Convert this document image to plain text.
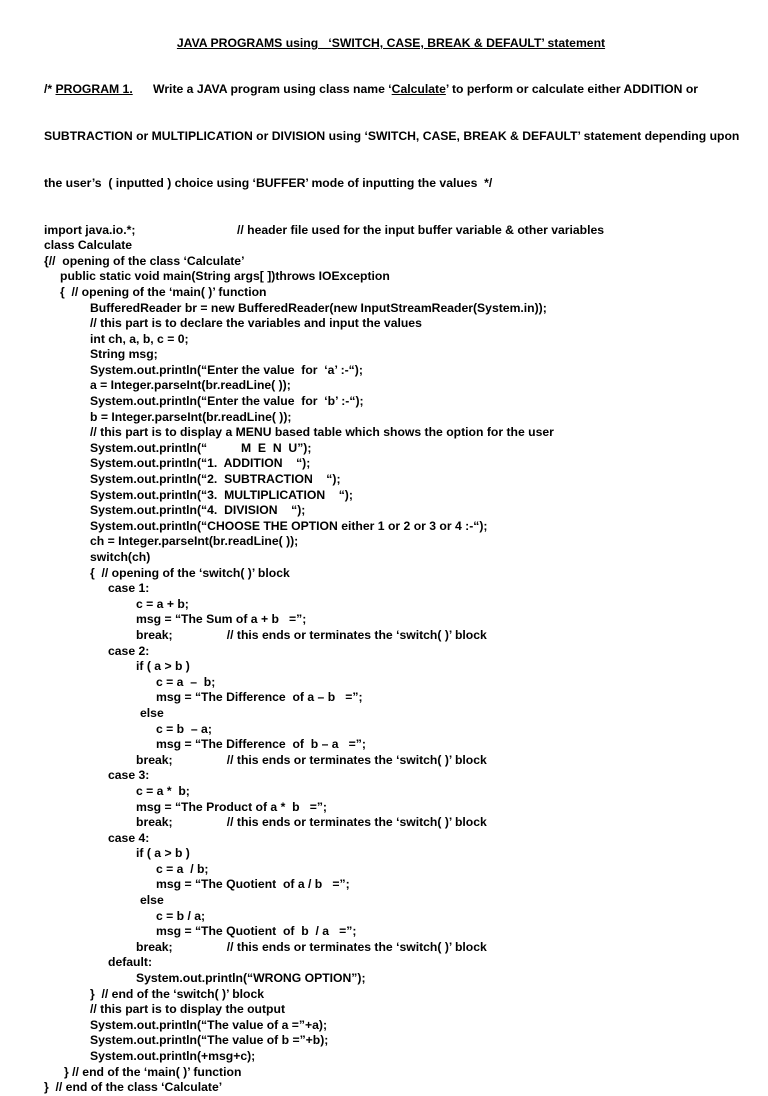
JAVA PROGRAMS using   ‘SWITCH, CASE, BREAK & DEFAULT’ statement

/* PROGRAM 1.      Write a JAVA program using class name ‘Calculate’ to perform or calculate either ADDITION or

SUBTRACTION or MULTIPLICATION or DIVISION using ‘SWITCH, CASE, BREAK & DEFAULT’ statement depending upon

the user’s  ( inputted ) choice using ‘BUFFER’ mode of inputting the values  */

import java.io.*;                              // header file used for the input buffer variable & other variables
class Calculate
{//  opening of the class ‘Calculate’
public static void main(String args[ ])throws IOException
{  // opening of the ‘main( )’ function
BufferedReader br = new BufferedReader(new InputStreamReader(System.in));
// this part is to declare the variables and input the values
int ch, a, b, c = 0;
String msg;
System.out.println(“Enter the value  for  ‘a’ :-“);
a = Integer.parseInt(br.readLine( ));
System.out.println(“Enter the value  for  ‘b’ :-“);
b = Integer.parseInt(br.readLine( ));
// this part is to display a MENU based table which shows the option for the user
System.out.println(“          M  E  N  U”);
System.out.println(“1.  ADDITION    “);
System.out.println(“2.  SUBTRACTION    “);
System.out.println(“3.  MULTIPLICATION    “);
System.out.println(“4.  DIVISION    “);
System.out.println(“CHOOSE THE OPTION either 1 or 2 or 3 or 4 :-“);
ch = Integer.parseInt(br.readLine( ));
switch(ch)
{  // opening of the ‘switch( )’ block
case 1:
c = a + b;
msg = “The Sum of a + b   =”;
break;                // this ends or terminates the ‘switch( )’ block
case 2:
if ( a > b )
c = a  –  b;
msg = “The Difference  of a – b   =”;
else
c = b  – a;
msg = “The Difference  of  b – a   =”;
break;                // this ends or terminates the ‘switch( )’ block
case 3:
c = a *  b;
msg = “The Product of a *  b   =”;
break;                // this ends or terminates the ‘switch( )’ block
case 4:
if ( a > b )
c = a  / b;
msg = “The Quotient  of a / b   =”;
else
c = b / a;
msg = “The Quotient  of  b  / a   =”;
break;                // this ends or terminates the ‘switch( )’ block
default:
System.out.println(“WRONG OPTION”);
}  // end of the ‘switch( )’ block
// this part is to display the output
System.out.println(“The value of a =”+a);
System.out.println(“The value of b =”+b);
System.out.println(+msg+c);
} // end of the ‘main( )’ function
}  // end of the class ‘Calculate’
